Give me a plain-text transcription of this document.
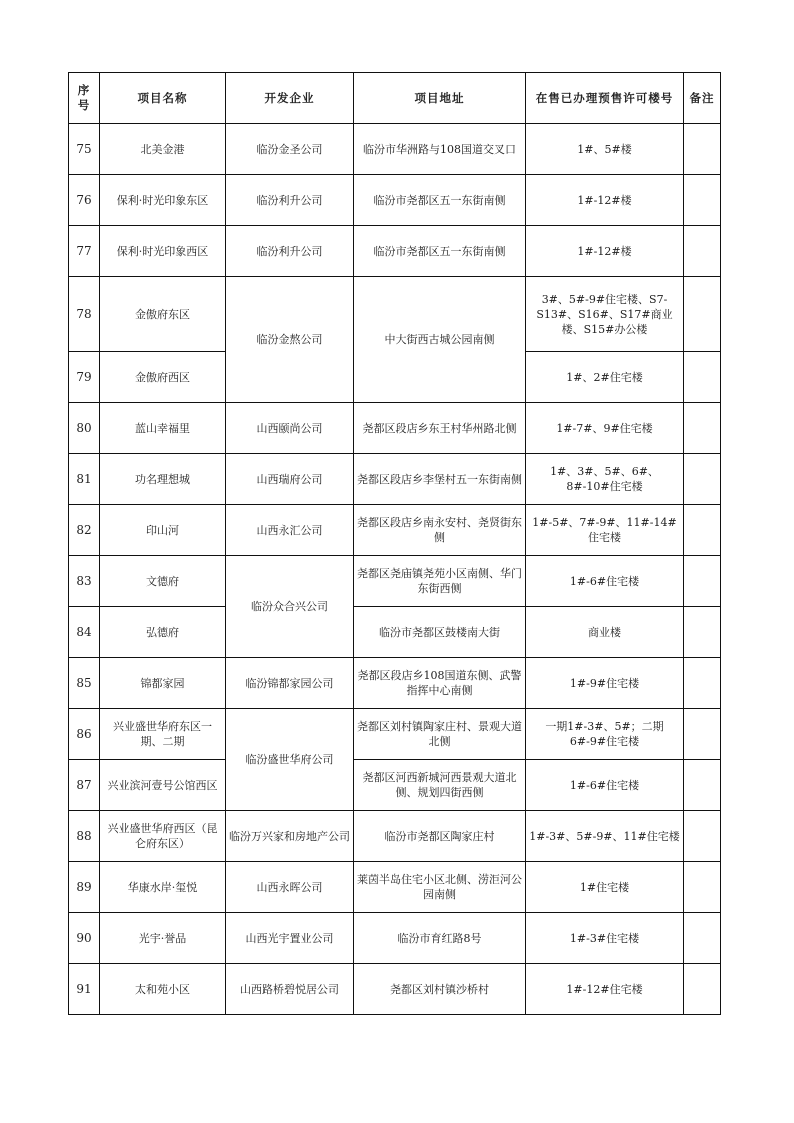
序号	项目名称	开发企业	项目地址	在售已办理预售许可楼号	备注
75	北美金港	临汾金圣公司	临汾市华洲路与108国道交叉口	1#、5#楼	
76	保利·时光印象东区	临汾利升公司	临汾市尧都区五一东街南侧	1#-12#楼	
77	保利·时光印象西区	临汾利升公司	临汾市尧都区五一东街南侧	1#-12#楼	
78	金傲府东区	临汾金熬公司	中大街西古城公园南侧	3#、5#-9#住宅楼、S7-S13#、S16#、S17#商业楼、S15#办公楼	
79	金傲府西区			1#、2#住宅楼	
80	蓝山幸福里	山西颐尚公司	尧都区段店乡东王村华州路北侧	1#-7#、9#住宅楼	
81	功名理想城	山西瑞府公司	尧都区段店乡李堡村五一东街南侧	1#、3#、5#、6#、8#-10#住宅楼	
82	印山河	山西永汇公司	尧都区段店乡南永安村、尧贤街东侧	1#-5#、7#-9#、11#-14#住宅楼	
83	文德府	临汾众合兴公司	尧都区尧庙镇尧苑小区南侧、华门东街西侧	1#-6#住宅楼	
84	弘德府		临汾市尧都区鼓楼南大街	商业楼	
85	锦都家园	临汾锦都家园公司	尧都区段店乡108国道东侧、武警指挥中心南侧	1#-9#住宅楼	
86	兴业盛世华府东区一期、二期	临汾盛世华府公司	尧都区刘村镇陶家庄村、景观大道北侧	一期1#-3#、5#；二期6#-9#住宅楼	
87	兴业滨河壹号公馆西区		尧都区河西新城河西景观大道北侧、规划四街西侧	1#-6#住宅楼	
88	兴业盛世华府西区（昆仑府东区）	临汾万兴家和房地产公司	临汾市尧都区陶家庄村	1#-3#、5#-9#、11#住宅楼	
89	华康水岸·玺悦	山西永晖公司	莱茵半岛住宅小区北侧、涝洰河公园南侧	1#住宅楼	
90	光宇·誉品	山西光宇置业公司	临汾市育红路8号	1#-3#住宅楼	
91	太和苑小区	山西路桥碧悦居公司	尧都区刘村镇沙桥村	1#-12#住宅楼	
